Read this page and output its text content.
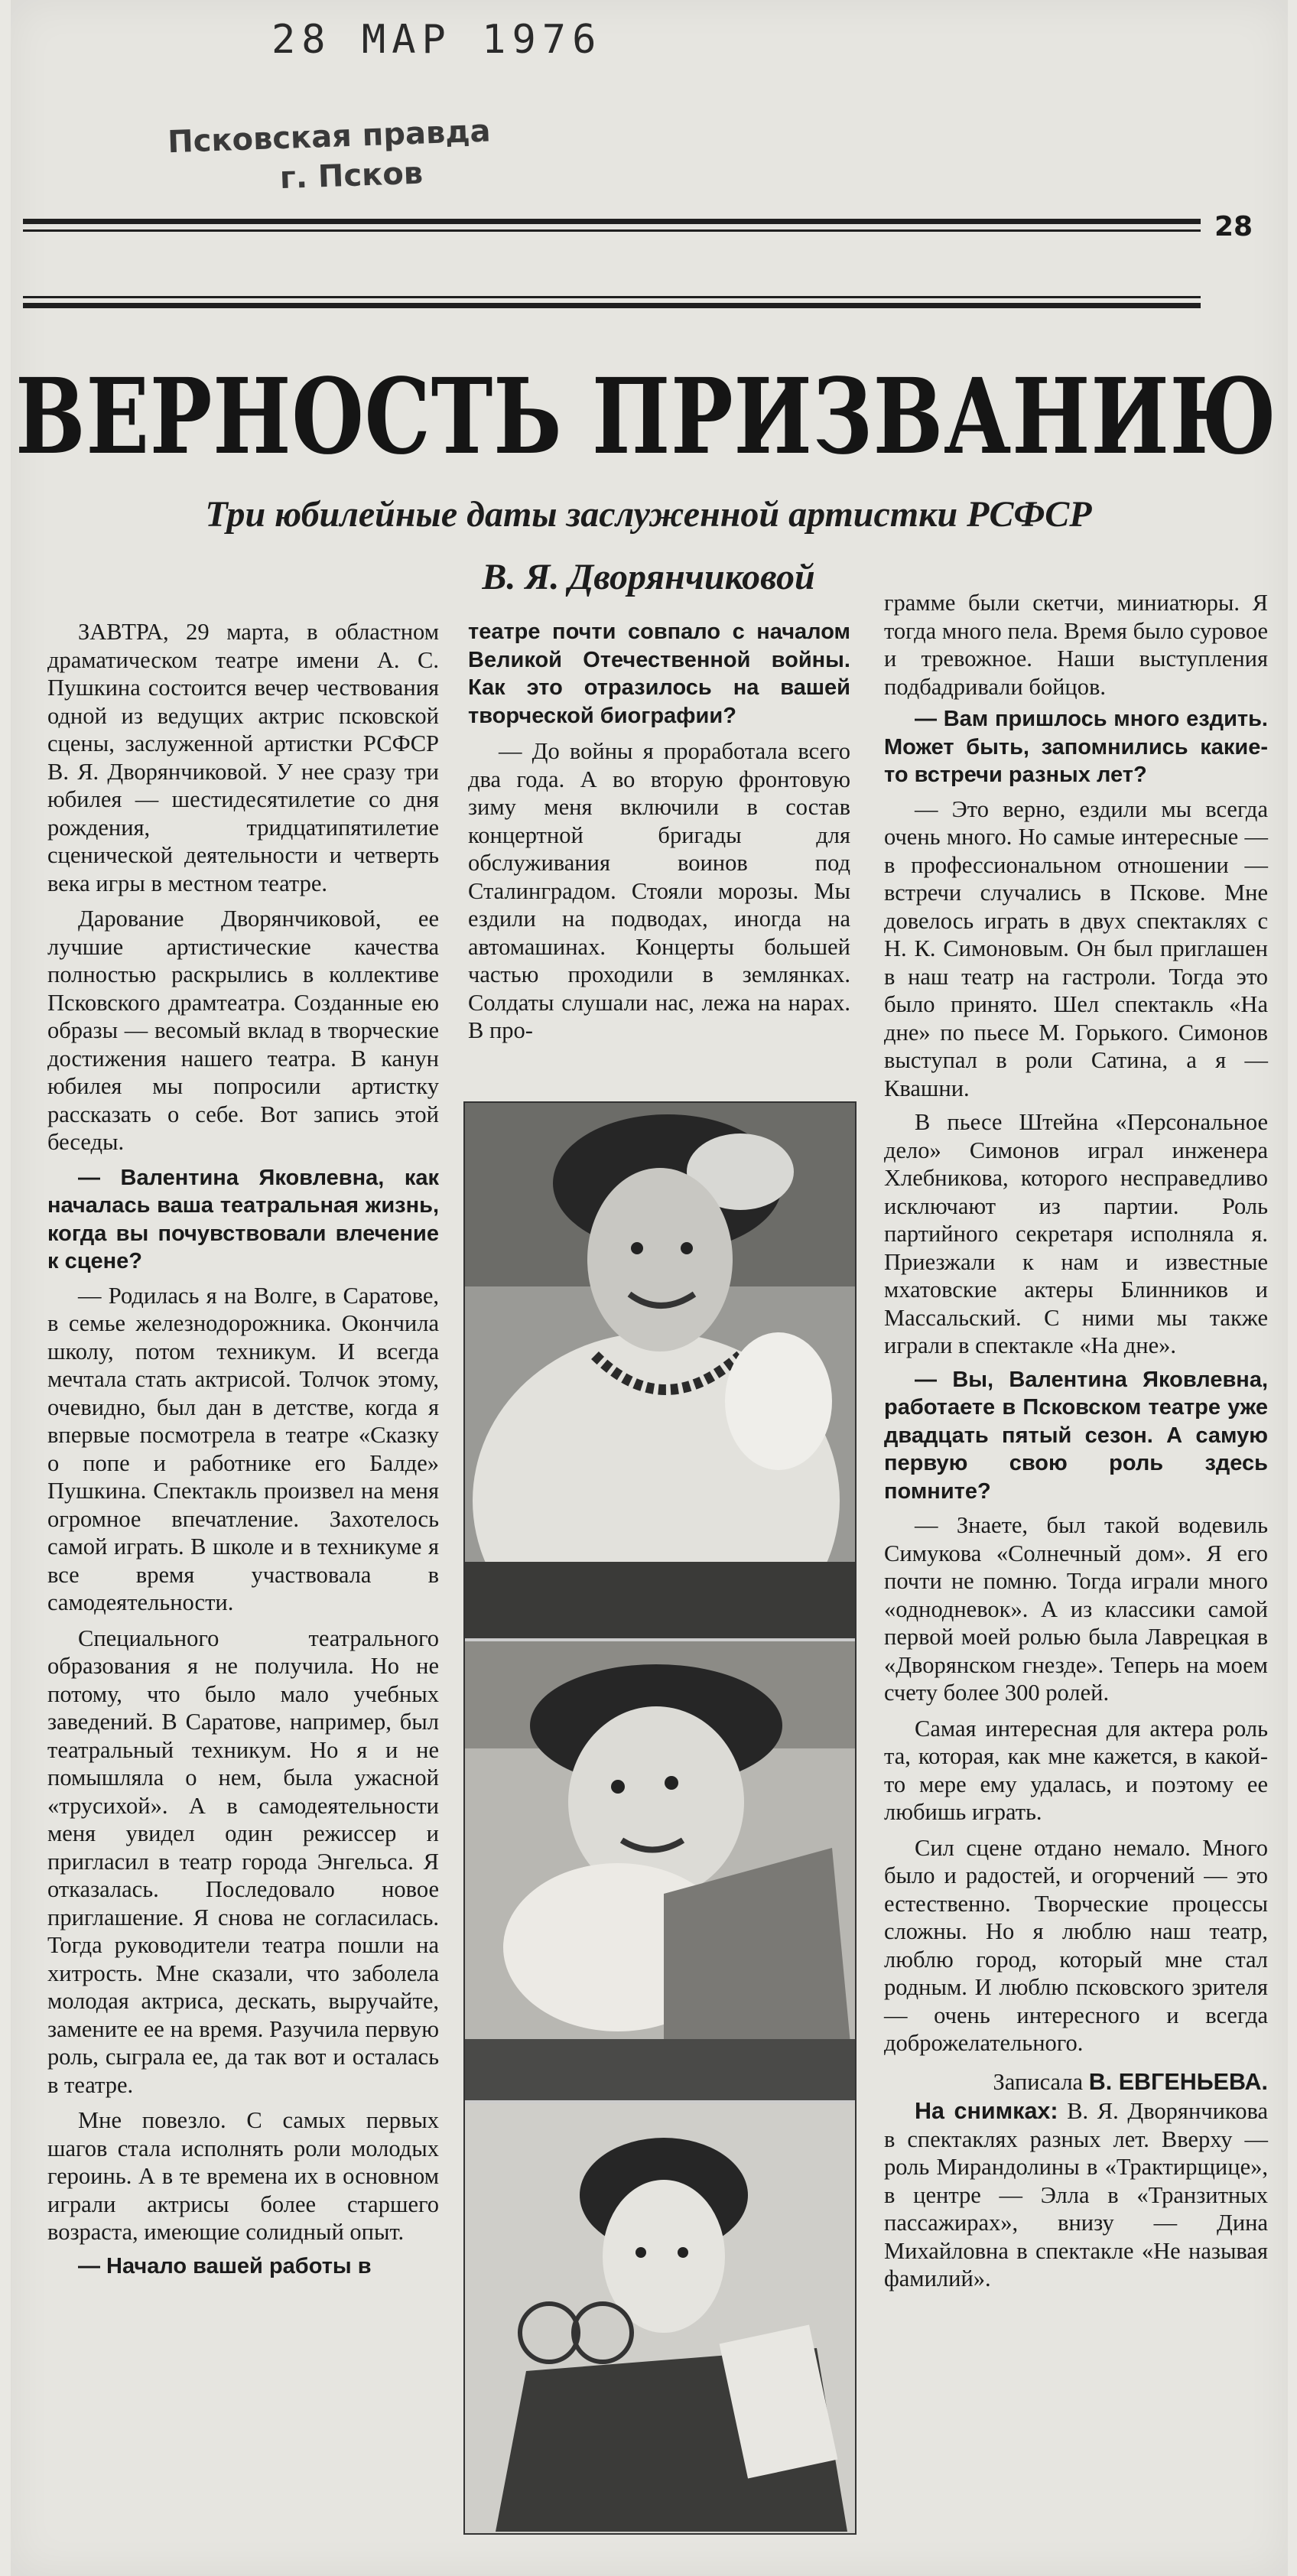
28 МАР 1976
Псковская правда
г. Псков
28
ВЕРНОСТЬ ПРИЗВАНИЮ
Три юбилейные даты заслуженной артистки РСФСР
В. Я. Дворянчиковой

ЗАВТРА, 29 марта, в областном драматическом театре имени А. С. Пушкина состоится вечер чествования одной из ведущих актрис псковской сцены, заслуженной артистки РСФСР В. Я. Дворянчиковой. У нее сразу три юбилея — шестидесятилетие со дня рождения, тридцатипятилетие сценической деятельности и четверть века игры в местном театре.

Дарование Дворянчиковой, ее лучшие артистические качества полностью раскрылись в коллективе Псковского драмтеатра. Созданные ею образы — весомый вклад в творческие достижения нашего театра. В канун юбилея мы попросили артистку рассказать о себе. Вот запись этой беседы.

— Валентина Яковлевна, как началась ваша театральная жизнь, когда вы почувствовали влечение к сцене?

— Родилась я на Волге, в Саратове, в семье железнодорожника. Окончила школу, потом техникум. И всегда мечтала стать актрисой. Толчок этому, очевидно, был дан в детстве, когда я впервые посмотрела в театре «Сказку о попе и работнике его Балде» Пушкина. Спектакль произвел на меня огромное впечатление. Захотелось самой играть. В школе и в техникуме я все время участвовала в самодеятельности.

Специального театрального образования я не получила. Но не потому, что было мало учебных заведений. В Саратове, например, был театральный техникум. Но я и не помышляла о нем, была ужасной «трусихой». А в самодеятельности меня увидел один режиссер и пригласил в театр города Энгельса. Я отказалась. Последовало новое приглашение. Я снова не согласилась. Тогда руководители театра пошли на хитрость. Мне сказали, что заболела молодая актриса, дескать, выручайте, замените ее на время. Разучила первую роль, сыграла ее, да так вот и осталась в театре.

Мне повезло. С самых первых шагов стала исполнять роли молодых героинь. А в те времена их в основном играли актрисы более старшего возраста, имеющие солидный опыт.

— Начало вашей работы в

театре почти совпало с началом Великой Отечественной войны. Как это отразилось на вашей творческой биографии?

— До войны я проработала всего два года. А во вторую фронтовую зиму меня включили в состав концертной бригады для обслуживания воинов под Сталинградом. Стояли морозы. Мы ездили на подводах, иногда на автомашинах. Концерты большей частью проходили в землянках. Солдаты слушали нас, лежа на нарах. В про-

грамме были скетчи, миниатюры. Я тогда много пела. Время было суровое и тревожное. Наши выступления подбадривали бойцов.

— Вам пришлось много ездить. Может быть, запомнились какие-то встречи разных лет?

— Это верно, ездили мы всегда очень много. Но самые интересные — в профессиональном отношении — встречи случались в Пскове. Мне довелось играть в двух спектаклях с Н. К. Симоновым. Он был приглашен в наш театр на гастроли. Тогда это было принято. Шел спектакль «На дне» по пьесе М. Горького. Симонов выступал в роли Сатина, а я — Квашни.

В пьесе Штейна «Персональное дело» Симонов играл инженера Хлебникова, которого несправедливо исключают из партии. Роль партийного секретаря исполняла я. Приезжали к нам и известные мхатовские актеры Блинников и Массальский. С ними мы также играли в спектакле «На дне».

— Вы, Валентина Яковлевна, работаете в Псковском театре уже двадцать пятый сезон. А самую первую свою роль здесь помните?

— Знаете, был такой водевиль Симукова «Солнечный дом». Я его почти не помню. Тогда играли много «однодневок». А из классики самой первой моей ролью была Лаврецкая в «Дворянском гнезде». Теперь на моем счету более 300 ролей.

Самая интересная для актера роль та, которая, как мне кажется, в какой-то мере ему удалась, и поэтому ее любишь играть.

Сил сцене отдано немало. Много было и радостей, и огорчений — это естественно. Творческие процессы сложны. Но я люблю наш театр, люблю город, который мне стал родным. И люблю псковского зрителя — очень интересного и всегда доброжелательного.

Записала В. ЕВГЕНЬЕВА.

На снимках: В. Я. Дворянчикова в спектаклях разных лет. Вверху — роль Мирандолины в «Трактирщице», в центре — Элла в «Транзитных пассажирах», внизу — Дина Михайловна в спектакле «Не называя фамилий».
